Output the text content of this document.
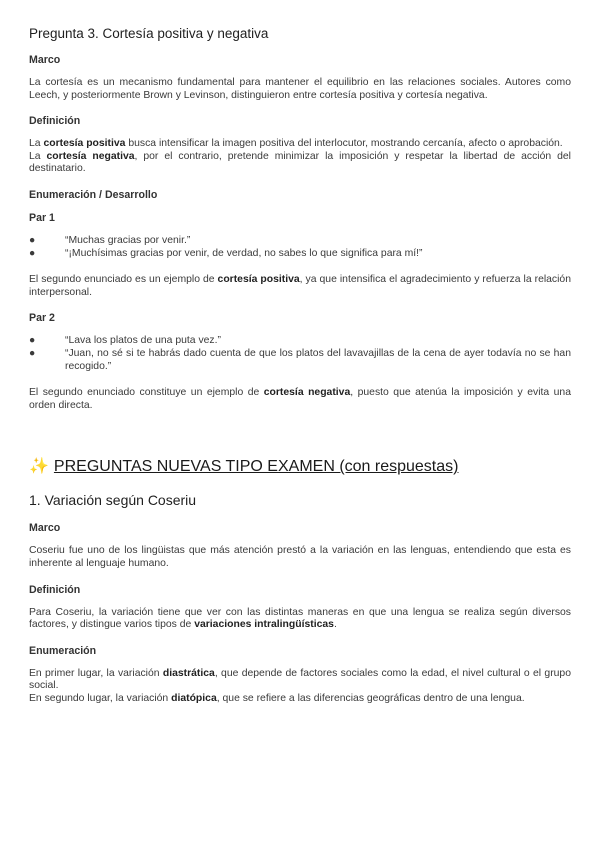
Pregunta 3. Cortesía positiva y negativa
Marco

La cortesía es un mecanismo fundamental para mantener el equilibrio en las relaciones sociales. Autores como Leech, y posteriormente Brown y Levinson, distinguieron entre cortesía positiva y cortesía negativa.

Definición

La cortesía positiva busca intensificar la imagen positiva del interlocutor, mostrando cercanía, afecto o aprobación.

La cortesía negativa, por el contrario, pretende minimizar la imposición y respetar la libertad de acción del destinatario.

Enumeración / Desarrollo
Par 1
●	“Muchas gracias por venir.”
●	“¡Muchísimas gracias por venir, de verdad, no sabes lo que significa para mí!”

El segundo enunciado es un ejemplo de cortesía positiva, ya que intensifica el agradecimiento y refuerza la relación interpersonal.

Par 2
●	“Lava los platos de una puta vez.”
●	“Juan, no sé si te habrás dado cuenta de que los platos del lavavajillas de la cena de ayer todavía no se han recogido.”

El segundo enunciado constituye un ejemplo de cortesía negativa, puesto que atenúa la imposición y evita una orden directa.

✨ PREGUNTAS NUEVAS TIPO EXAMEN (con respuestas)
1. Variación según Coseriu
Marco

Coseriu fue uno de los lingüistas que más atención prestó a la variación en las lenguas, entendiendo que esta es inherente al lenguaje humano.

Definición

Para Coseriu, la variación tiene que ver con las distintas maneras en que una lengua se realiza según diversos factores, y distingue varios tipos de variaciones intralingüísticas.

Enumeración

En primer lugar, la variación diastrática, que depende de factores sociales como la edad, el nivel cultural o el grupo social.

En segundo lugar, la variación diatópica, que se refiere a las diferencias geográficas dentro de una lengua.
